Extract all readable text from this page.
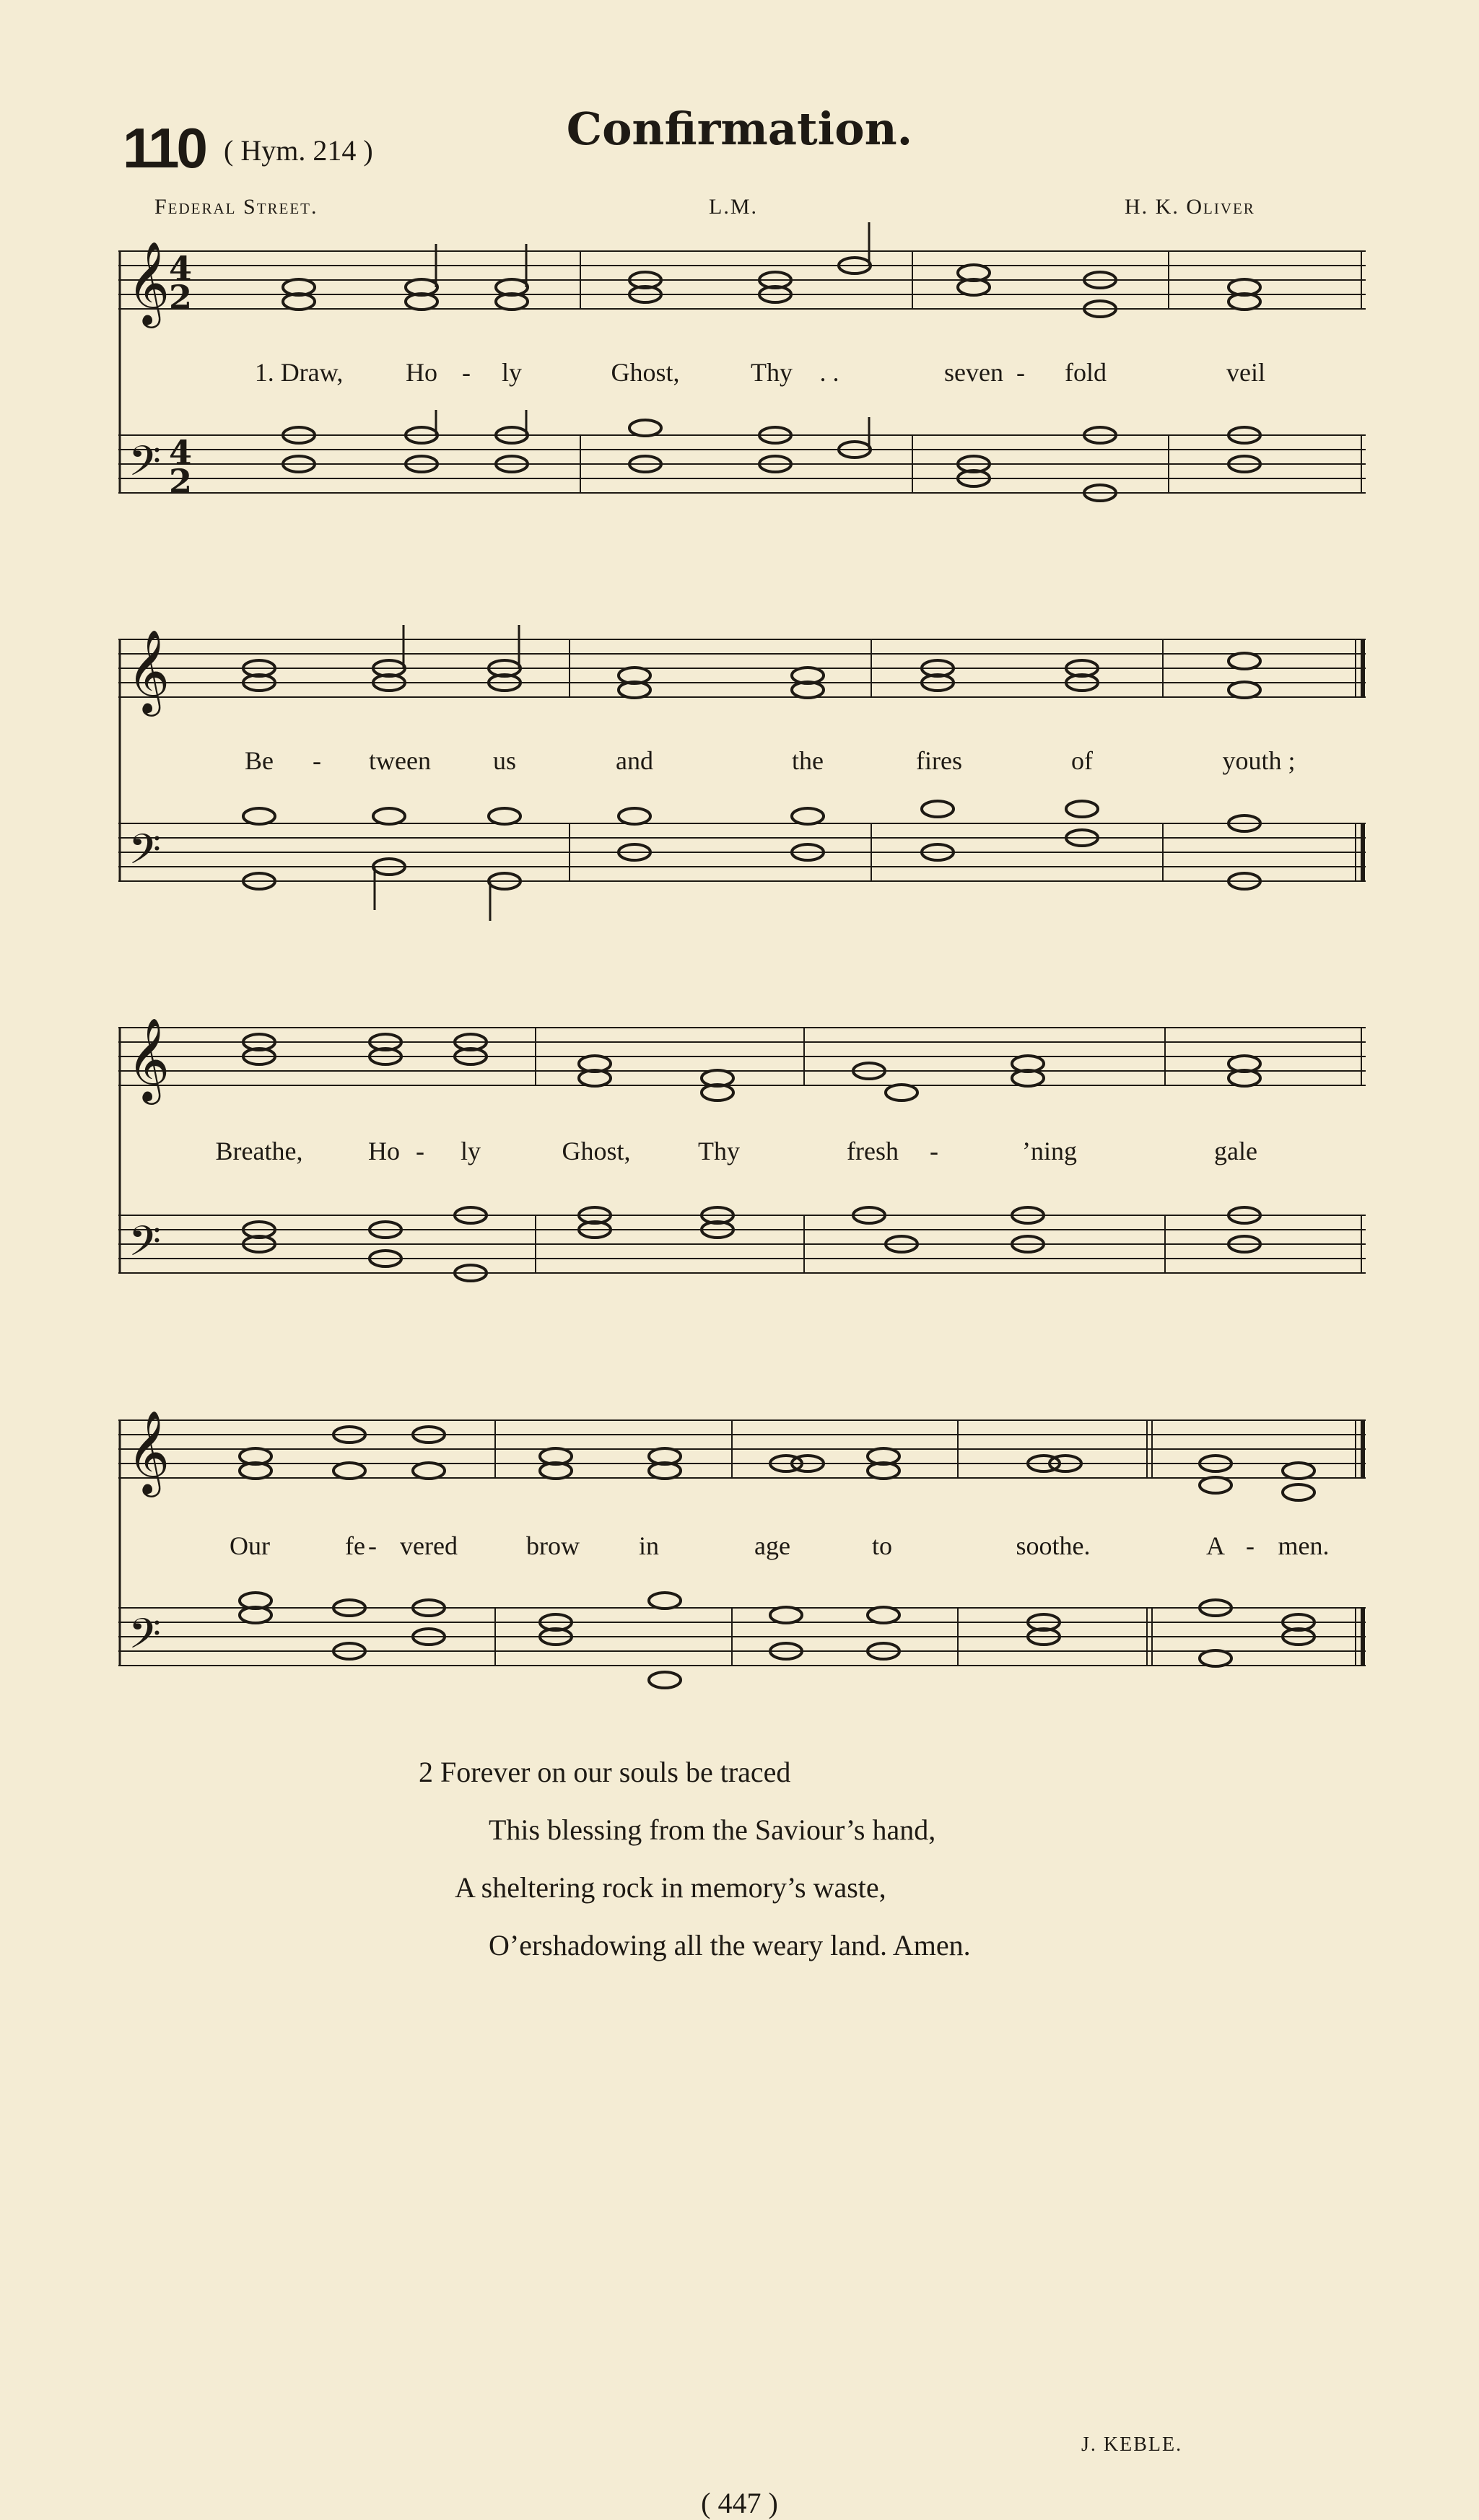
110 ( Hym. 214 )	Confirmation.
Federal Street.	L.M.	H. K. Oliver
𝄞
𝄢
4
2
4
2
1. Draw, Ho - ly	Ghost,	Thy . .	seven - fold	veil
𝄞
𝄢
Be - tween us	and	the	fires	of	youth ;
𝄞
𝄢
Breathe,	Ho - ly	Ghost,	Thy	fresh -	’ning	gale
𝄞
𝄢
Our	fe - vered	brow in	age	to	soothe.	A - men.
2 Forever on our souls be traced
This blessing from the Saviour’s hand,
A sheltering rock in memory’s waste,
O’ershadowing all the weary land. Amen.
J. KEBLE.
( 447 )
